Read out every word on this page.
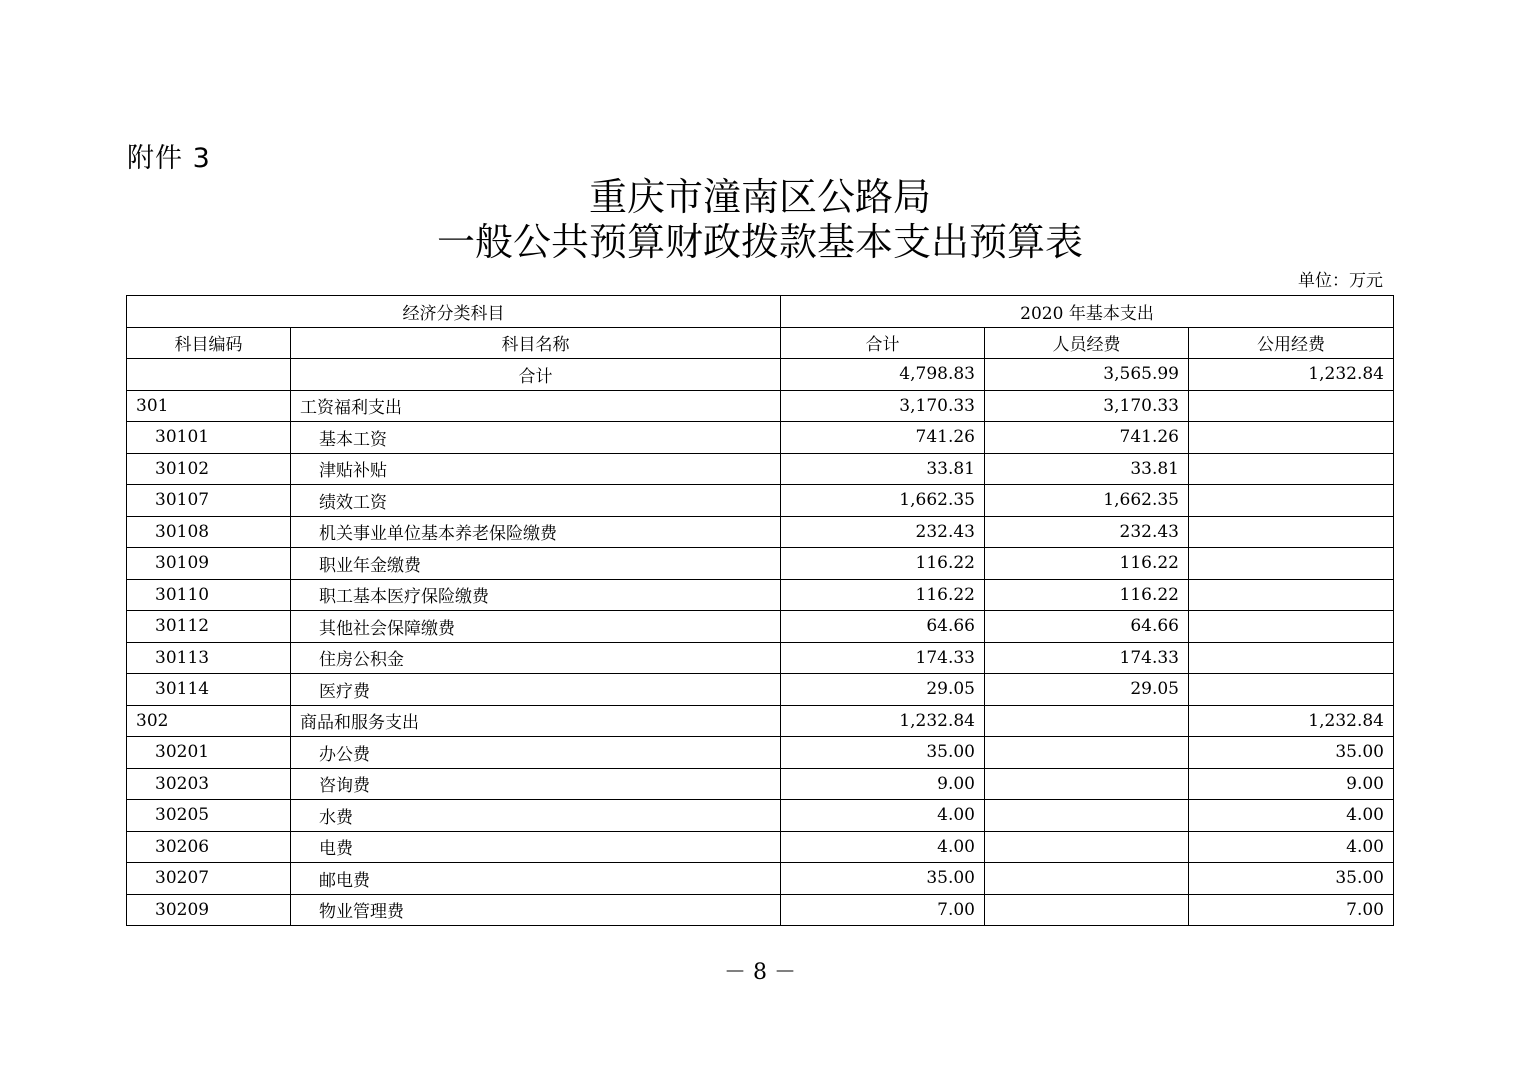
附件 3
重庆市潼南区公路局
一般公共预算财政拨款基本支出预算表
单位：万元
经济分类科目		2020 年基本支出		
科目编码	科目名称	合计	人员经费	公用经费
	合计	4,798.83	3,565.99	1,232.84
301	工资福利支出	3,170.33	3,170.33	
30101	基本工资	741.26	741.26	
30102	津贴补贴	33.81	33.81	
30107	绩效工资	1,662.35	1,662.35	
30108	机关事业单位基本养老保险缴费	232.43	232.43	
30109	职业年金缴费	116.22	116.22	
30110	职工基本医疗保险缴费	116.22	116.22	
30112	其他社会保障缴费	64.66	64.66	
30113	住房公积金	174.33	174.33	
30114	医疗费	29.05	29.05	
302	商品和服务支出	1,232.84		1,232.84
30201	办公费	35.00		35.00
30203	咨询费	9.00		9.00
30205	水费	4.00		4.00
30206	电费	4.00		4.00
30207	邮电费	35.00		35.00
30209	物业管理费	7.00		7.00
－ 8 －
